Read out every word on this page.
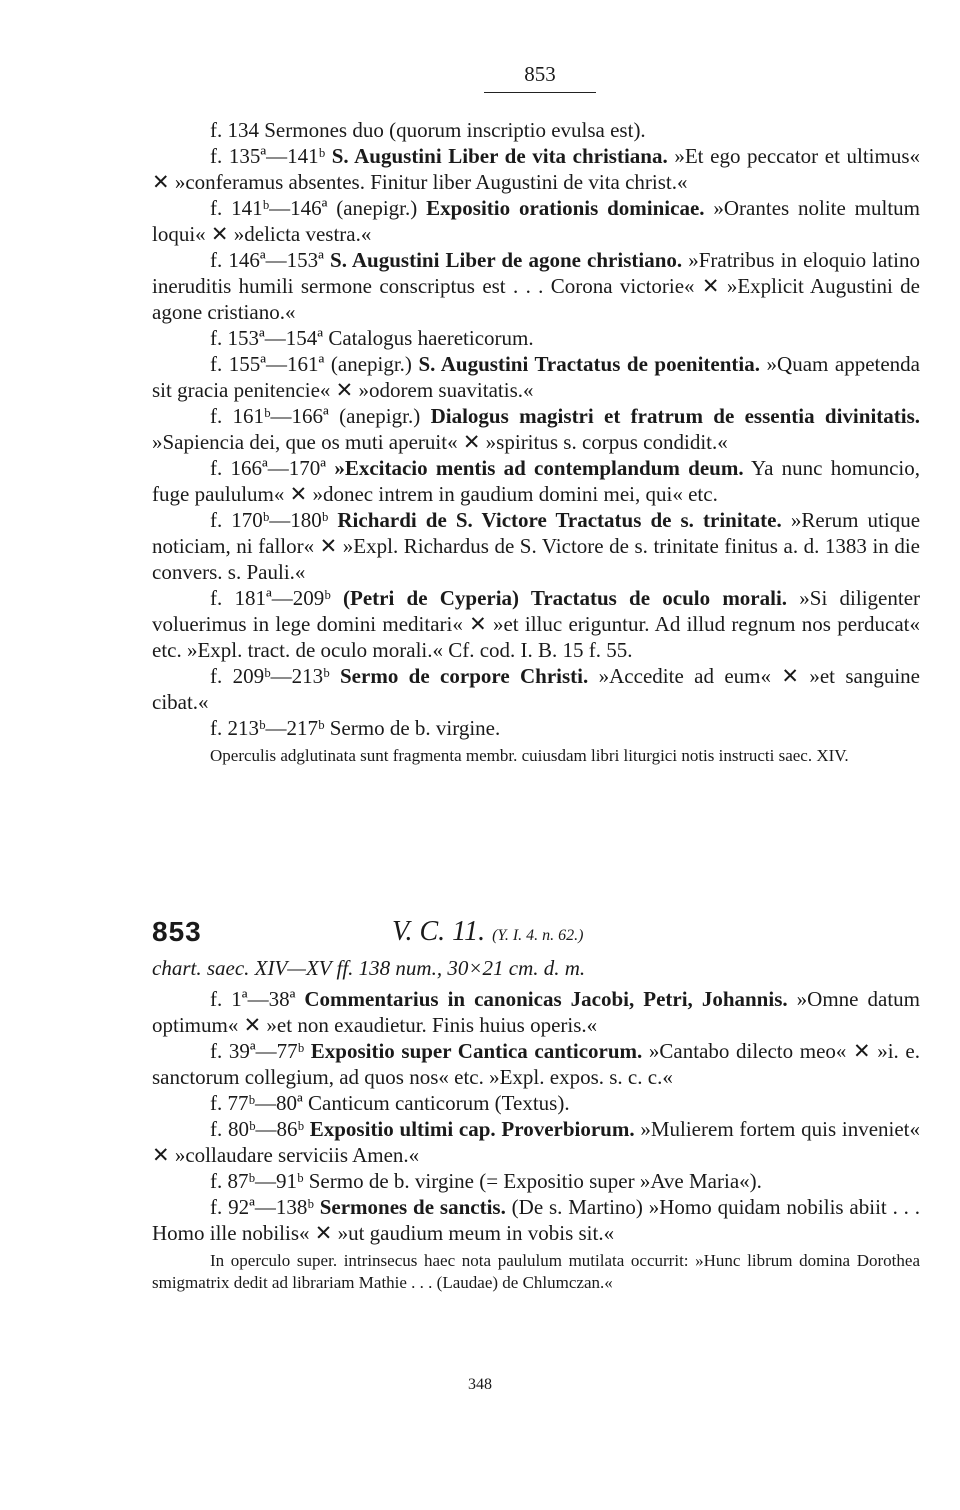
853

f. 134 Sermones duo (quorum inscriptio evulsa est).

f. 135ª—141ᵇ S. Augustini Liber de vita christiana. »Et ego peccator et ultimus« ✕ »conferamus absentes. Finitur liber Augustini de vita christ.«

f. 141ᵇ—146ª (anepigr.) Expositio orationis dominicae. »Orantes nolite multum loqui« ✕ »delicta vestra.«

f. 146ª—153ª S. Augustini Liber de agone christiano. »Fratribus in eloquio latino ineruditis humili sermone conscriptus est . . . Corona victorie« ✕ »Explicit Augustini de agone cristiano.«

f. 153ª—154ª Catalogus haereticorum.

f. 155ª—161ª (anepigr.) S. Augustini Tractatus de poenitentia. »Quam appetenda sit gracia penitencie« ✕ »odorem suavitatis.«

f. 161ᵇ—166ª (anepigr.) Dialogus magistri et fratrum de essentia divinitatis. »Sapiencia dei, que os muti aperuit« ✕ »spiritus s. corpus condidit.«

f. 166ª—170ª »Excitacio mentis ad contemplandum deum. Ya nunc homuncio, fuge paululum« ✕ »donec intrem in gaudium domini mei, qui« etc.

f. 170ᵇ—180ᵇ Richardi de S. Victore Tractatus de s. trinitate. »Rerum utique noticiam, ni fallor« ✕ »Expl. Richardus de S. Victore de s. trinitate finitus a. d. 1383 in die convers. s. Pauli.«

f. 181ª—209ᵇ (Petri de Cyperia) Tractatus de oculo morali. »Si diligenter voluerimus in lege domini meditari« ✕ »et illuc eriguntur. Ad illud regnum nos perducat« etc. »Expl. tract. de oculo morali.« Cf. cod. I. B. 15 f. 55.

f. 209ᵇ—213ᵇ Sermo de corpore Christi. »Accedite ad eum« ✕ »et sanguine cibat.«

f. 213ᵇ—217ᵇ Sermo de b. virgine.

Operculis adglutinata sunt fragmenta membr. cuiusdam libri liturgici notis instructi saec. XIV.

853	V. C. 11. (Y. I. 4. n. 62.)
chart. saec. XIV—XV ff. 138 num., 30×21 cm. d. m.

f. 1ª—38ª Commentarius in canonicas Jacobi, Petri, Johannis. »Omne datum optimum« ✕ »et non exaudietur. Finis huius operis.«

f. 39ª—77ᵇ Expositio super Cantica canticorum. »Cantabo dilecto meo« ✕ »i. e. sanctorum collegium, ad quos nos« etc. »Expl. expos. s. c. c.«

f. 77ᵇ—80ª Canticum canticorum (Textus).

f. 80ᵇ—86ᵇ Expositio ultimi cap. Proverbiorum. »Mulierem fortem quis inveniet« ✕ »collaudare serviciis Amen.«

f. 87ᵇ—91ᵇ Sermo de b. virgine (= Expositio super »Ave Maria«).

f. 92ª—138ᵇ Sermones de sanctis. (De s. Martino) »Homo quidam nobilis abiit . . . Homo ille nobilis« ✕ »ut gaudium meum in vobis sit.«

In operculo super. intrinsecus haec nota paululum mutilata occurrit: »Hunc librum domina Dorothea smigmatrix dedit ad librariam Mathie . . . (Laudae) de Chlumczan.«

348
